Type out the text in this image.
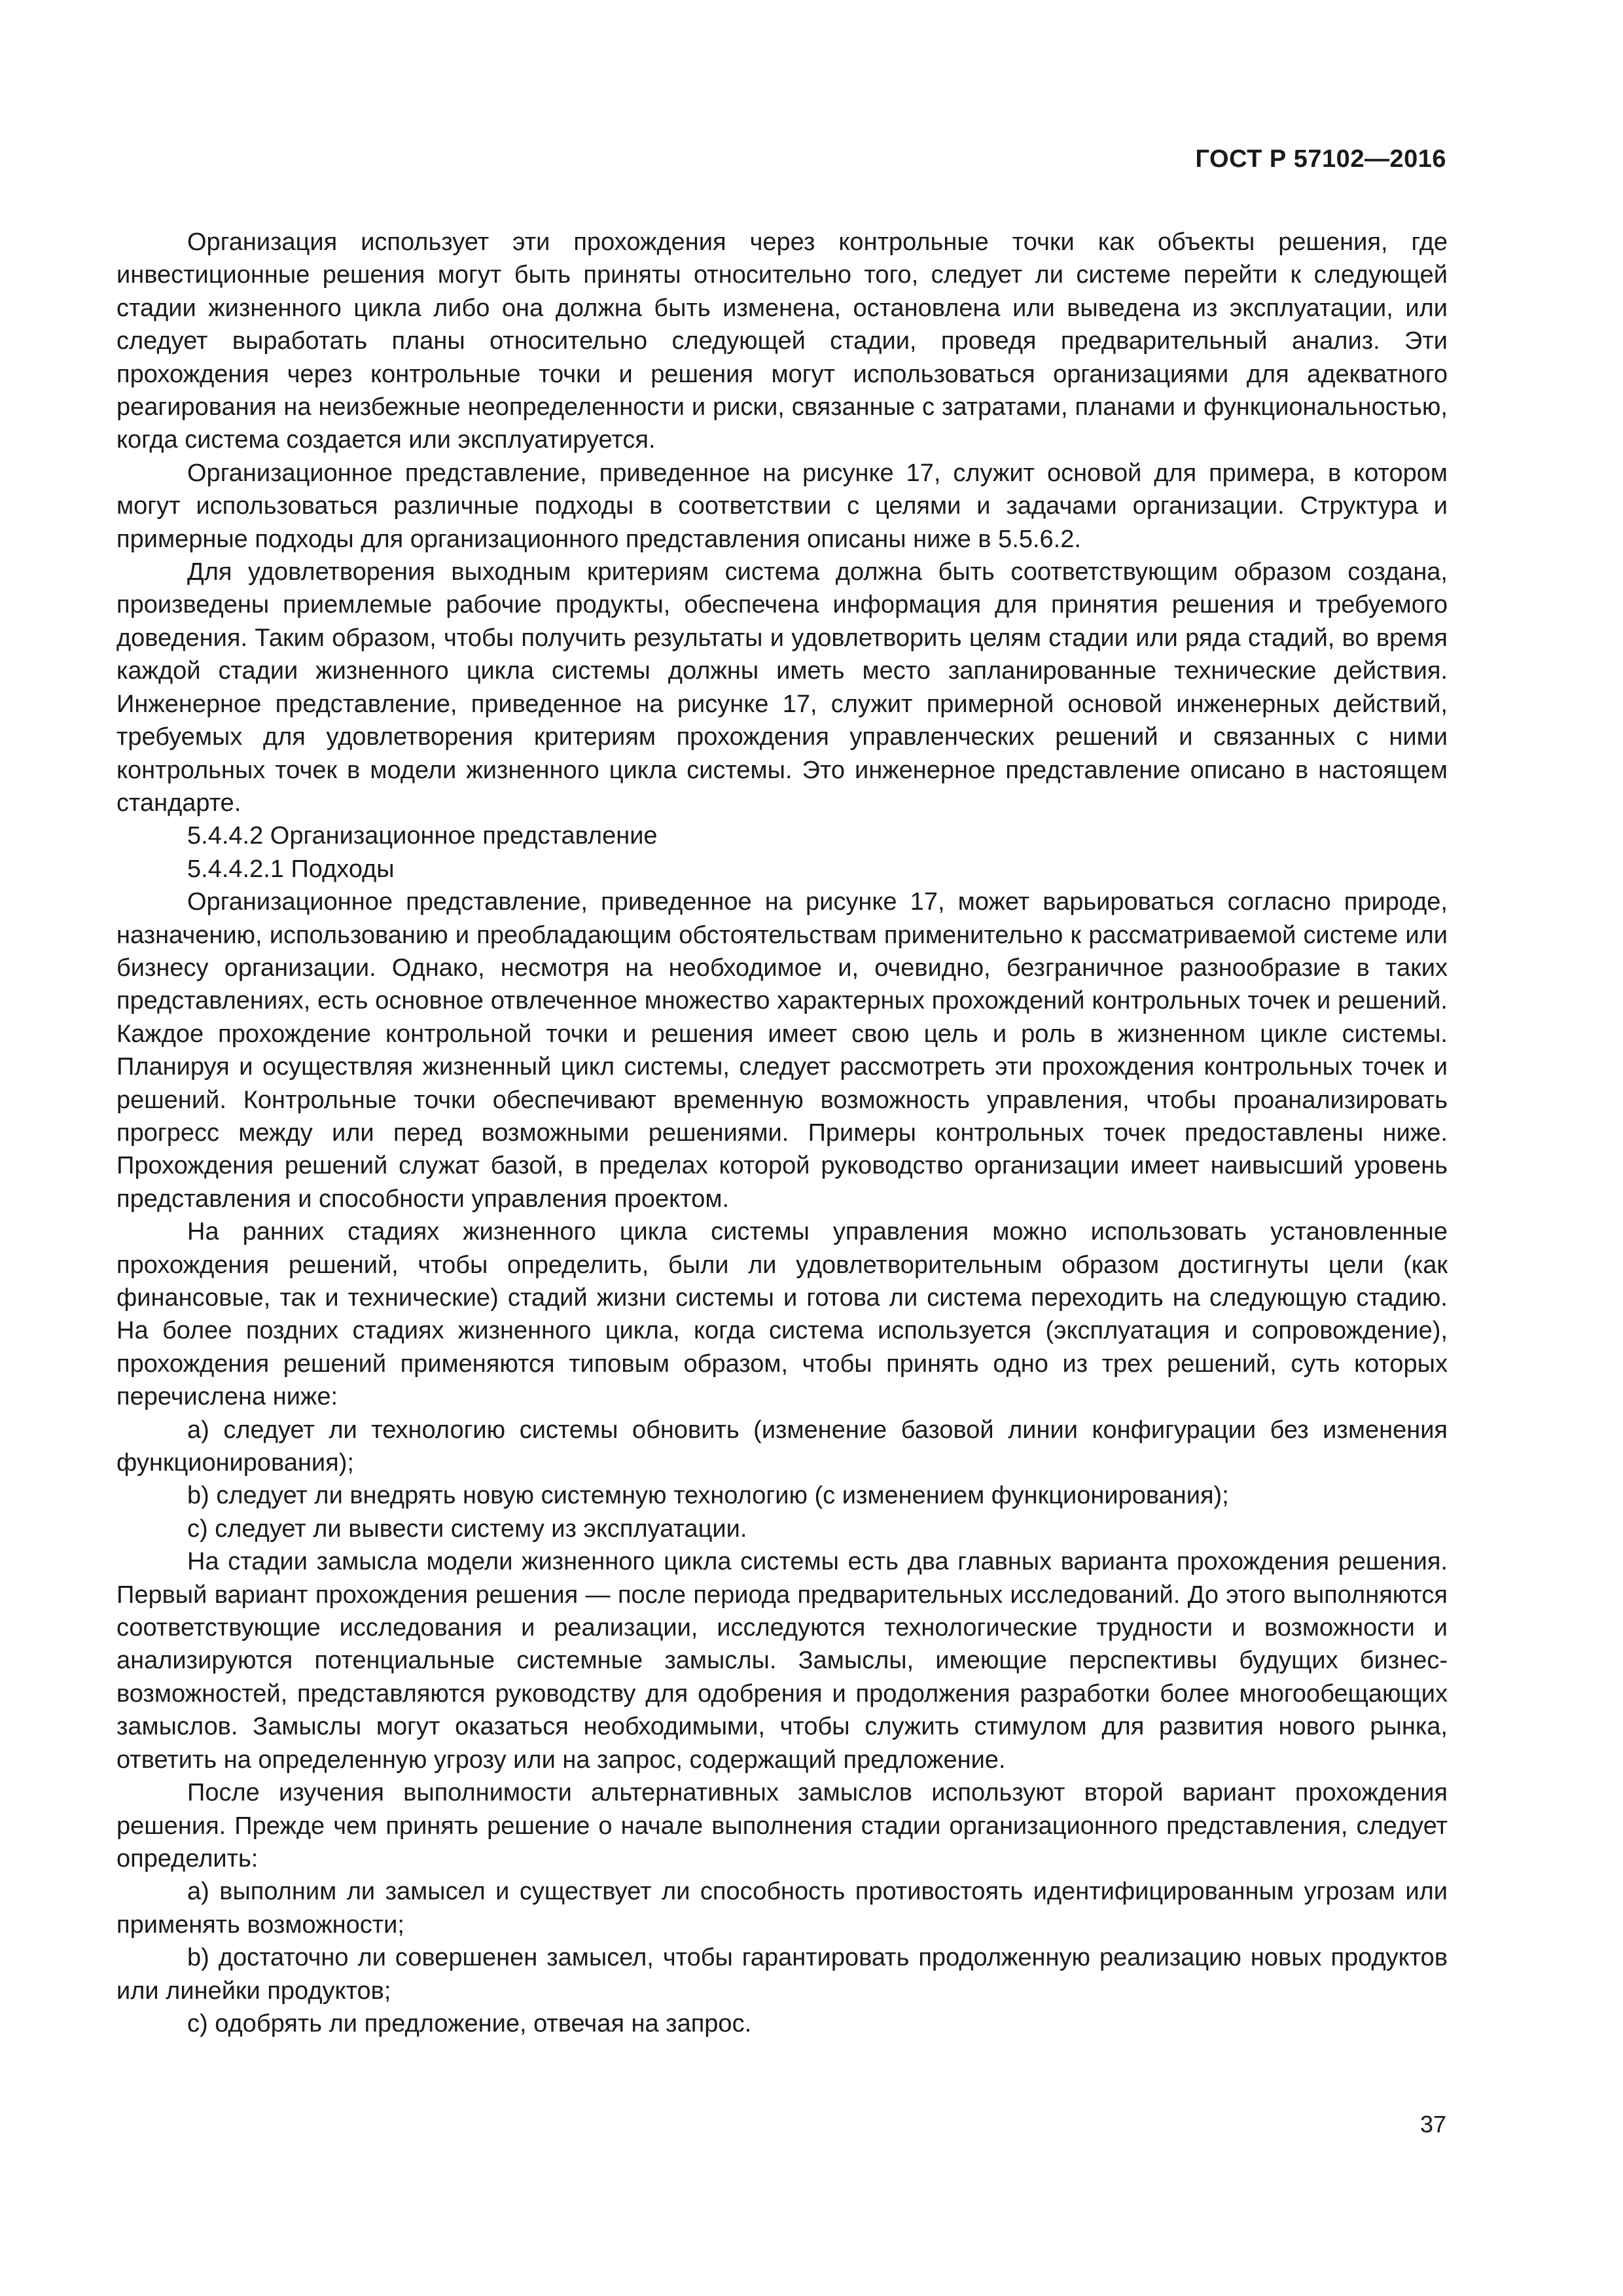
ГОСТ Р 57102—2016

Организация использует эти прохождения через контрольные точки как объекты решения, где инвестиционные решения могут быть приняты относительно того, следует ли системе перейти к следующей стадии жизненного цикла либо она должна быть изменена, остановлена или выведена из эксплуатации, или следует выработать планы относительно следующей стадии, проведя предварительный анализ. Эти прохождения через контрольные точки и решения могут использоваться организациями для адекватного реагирования на неизбежные неопределенности и риски, связанные с затратами, планами и функциональностью, когда система создается или эксплуатируется.

Организационное представление, приведенное на рисунке 17, служит основой для примера, в котором могут использоваться различные подходы в соответствии с целями и задачами организации. Структура и примерные подходы для организационного представления описаны ниже в 5.5.6.2.

Для удовлетворения выходным критериям система должна быть соответствующим образом создана, произведены приемлемые рабочие продукты, обеспечена информация для принятия решения и требуемого доведения. Таким образом, чтобы получить результаты и удовлетворить целям стадии или ряда стадий, во время каждой стадии жизненного цикла системы должны иметь место запланированные технические действия. Инженерное представление, приведенное на рисунке 17, служит примерной основой инженерных действий, требуемых для удовлетворения критериям прохождения управленческих решений и связанных с ними контрольных точек в модели жизненного цикла системы. Это инженерное представление описано в настоящем стандарте.

5.4.4.2 Организационное представление

5.4.4.2.1 Подходы

Организационное представление, приведенное на рисунке 17, может варьироваться согласно природе, назначению, использованию и преобладающим обстоятельствам применительно к рассматриваемой системе или бизнесу организации. Однако, несмотря на необходимое и, очевидно, безграничное разнообразие в таких представлениях, есть основное отвлеченное множество характерных прохождений контрольных точек и решений. Каждое прохождение контрольной точки и решения имеет свою цель и роль в жизненном цикле системы. Планируя и осуществляя жизненный цикл системы, следует рассмотреть эти прохождения контрольных точек и решений. Контрольные точки обеспечивают временную возможность управления, чтобы проанализировать прогресс между или перед возможными решениями. Примеры контрольных точек предоставлены ниже. Прохождения решений служат базой, в пределах которой руководство организации имеет наивысший уровень представления и способности управления проектом.

На ранних стадиях жизненного цикла системы управления можно использовать установленные прохождения решений, чтобы определить, были ли удовлетворительным образом достигнуты цели (как финансовые, так и технические) стадий жизни системы и готова ли система переходить на следующую стадию. На более поздних стадиях жизненного цикла, когда система используется (эксплуатация и сопровождение), прохождения решений применяются типовым образом, чтобы принять одно из трех решений, суть которых перечислена ниже:

a) следует ли технологию системы обновить (изменение базовой линии конфигурации без изменения функционирования);

b) следует ли внедрять новую системную технологию (с изменением функционирования);

c) следует ли вывести систему из эксплуатации.

На стадии замысла модели жизненного цикла системы есть два главных варианта прохождения решения. Первый вариант прохождения решения — после периода предварительных исследований. До этого выполняются соответствующие исследования и реализации, исследуются технологические трудности и возможности и анализируются потенциальные системные замыслы. Замыслы, имеющие перспективы будущих бизнес-возможностей, представляются руководству для одобрения и продолжения разработки более многообещающих замыслов. Замыслы могут оказаться необходимыми, чтобы служить стимулом для развития нового рынка, ответить на определенную угрозу или на запрос, содержащий предложение.

После изучения выполнимости альтернативных замыслов используют второй вариант прохождения решения. Прежде чем принять решение о начале выполнения стадии организационного представления, следует определить:

a) выполним ли замысел и существует ли способность противостоять идентифицированным угрозам или применять возможности;

b) достаточно ли совершенен замысел, чтобы гарантировать продолженную реализацию новых продуктов или линейки продуктов;

c) одобрять ли предложение, отвечая на запрос.

37
